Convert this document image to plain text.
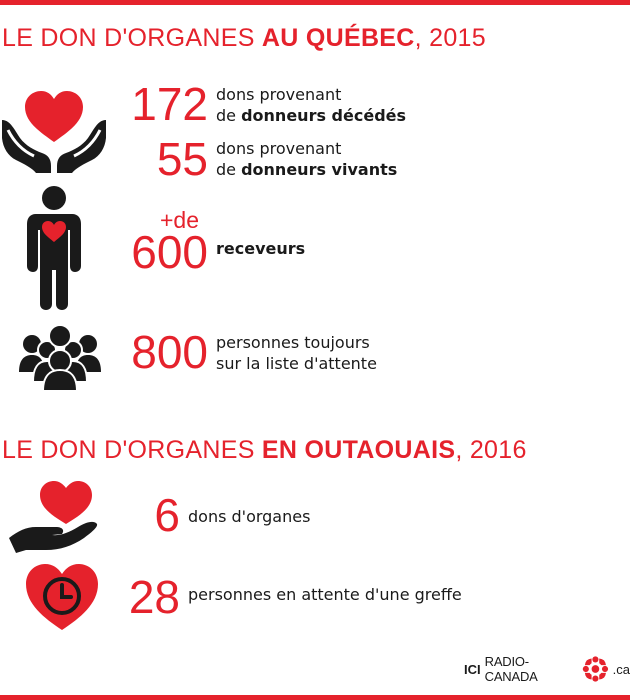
LE DON D'ORGANES AU QUÉBEC, 2015
172 dons provenant
de donneurs décédés
55 dons provenant
de donneurs vivants
+de
600 receveurs
800 personnes toujours
sur la liste d'attente
LE DON D'ORGANES EN OUTAOUAIS, 2016
6 dons d'organes
28 personnes en attente d'une greffe
ICI RADIO-CANADA	.ca
